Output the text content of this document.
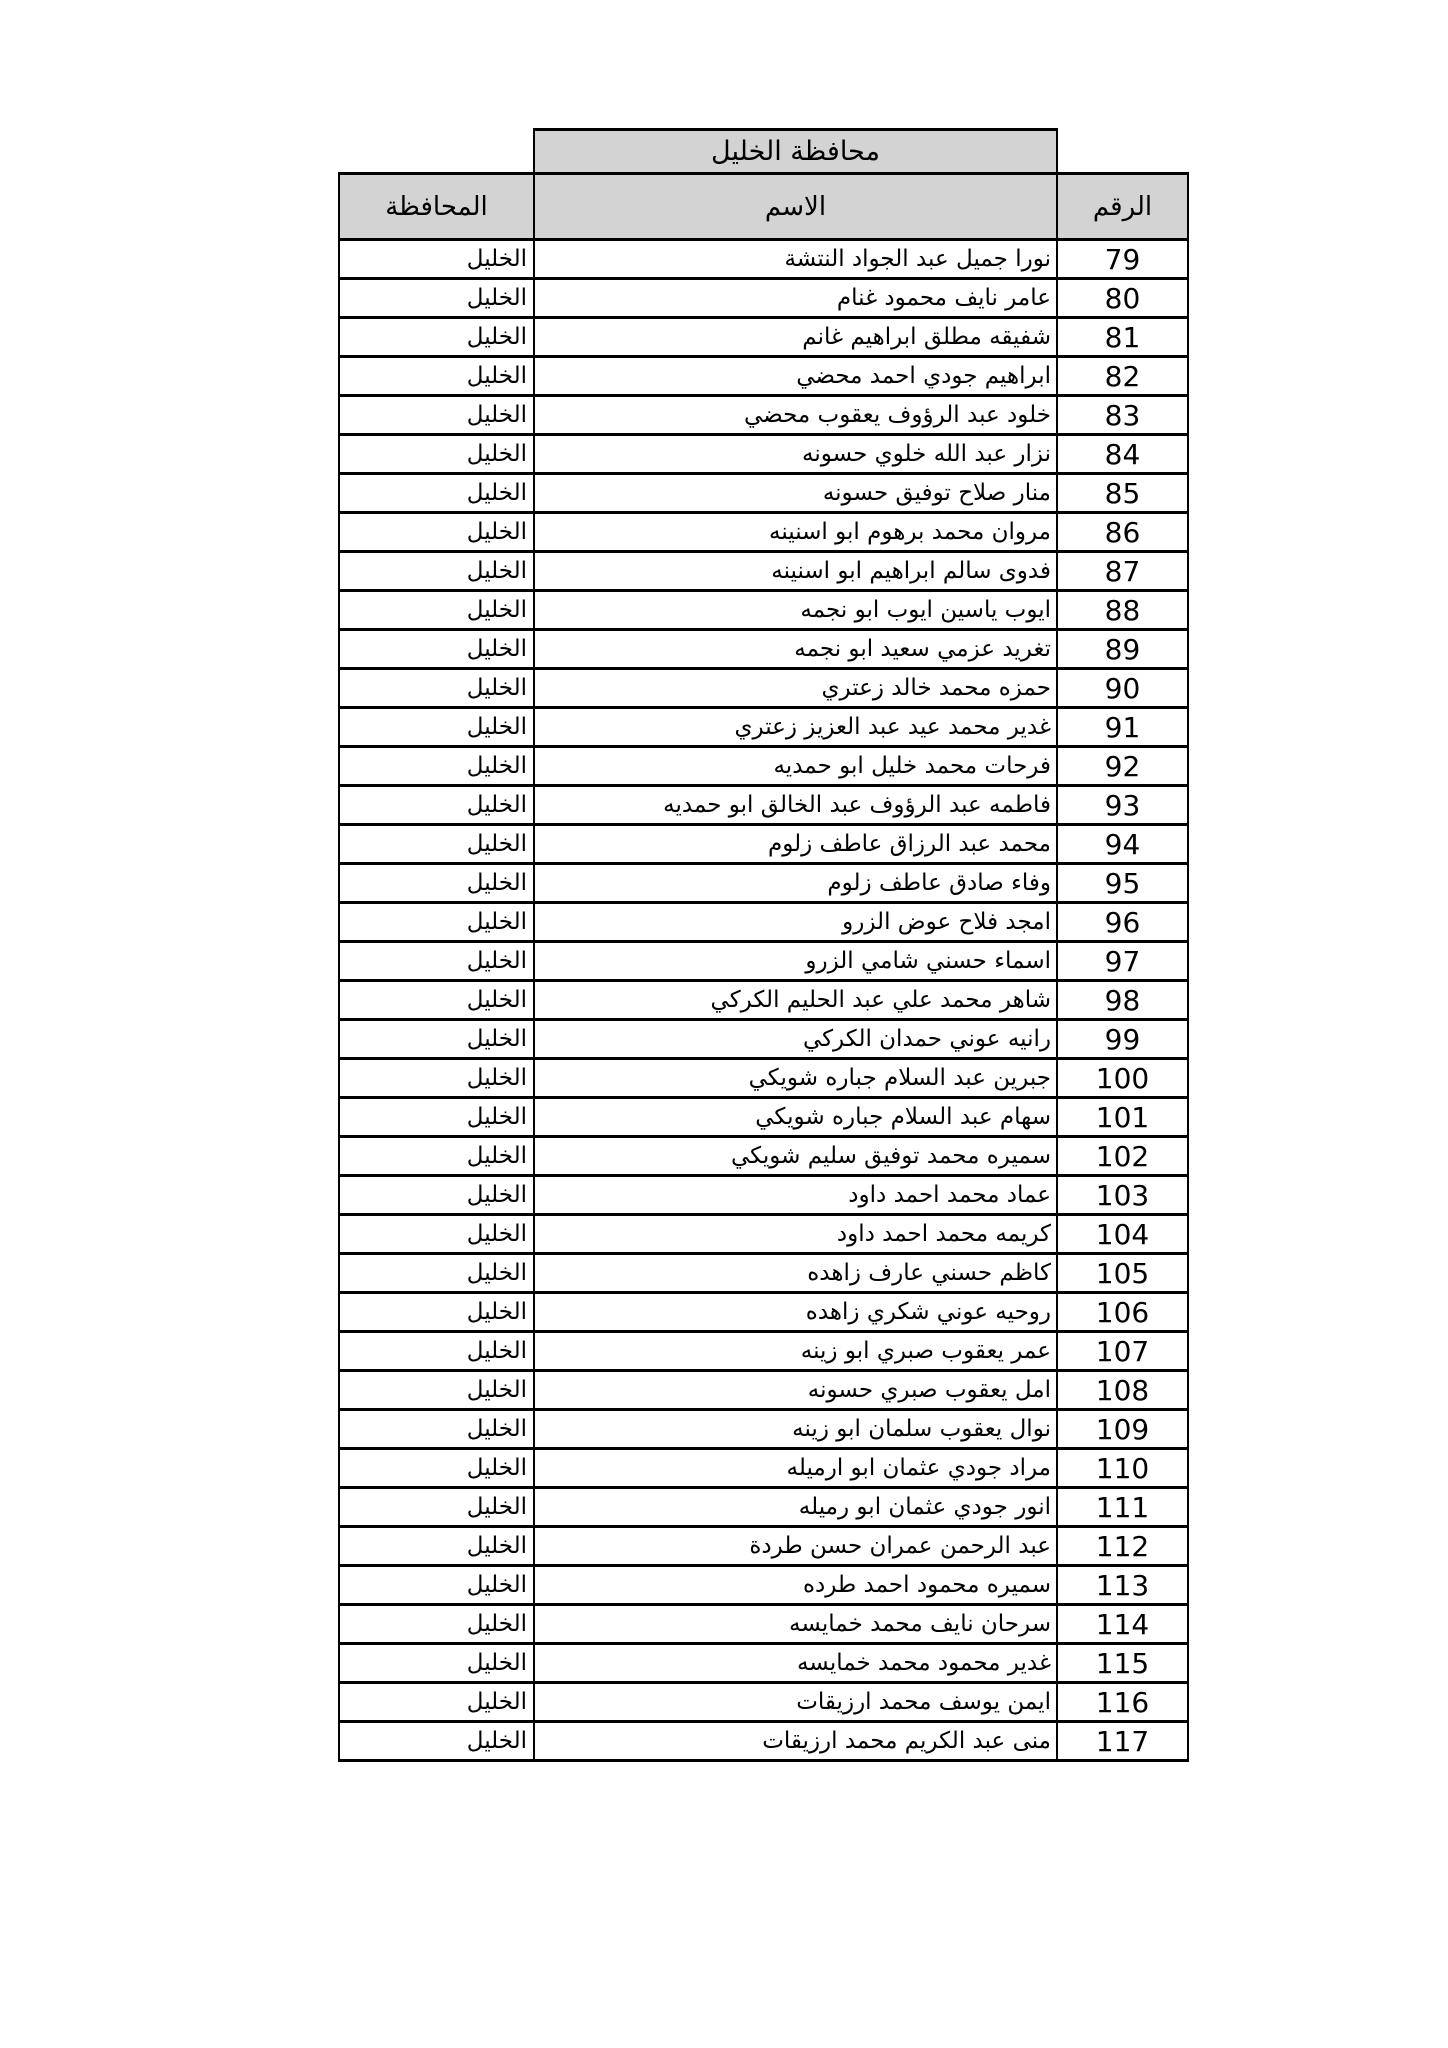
	محافظة الخليل	
الرقم	الاسم	المحافظة
79	نورا جميل عبد الجواد النتشة	الخليل
80	عامر نايف محمود غنام	الخليل
81	شفيقه مطلق ابراهيم غانم	الخليل
82	ابراهيم جودي احمد محضي	الخليل
83	خلود عبد الرؤوف يعقوب محضي	الخليل
84	نزار عبد الله خلوي حسونه	الخليل
85	منار صلاح توفيق حسونه	الخليل
86	مروان محمد برهوم ابو اسنينه	الخليل
87	فدوى سالم ابراهيم ابو اسنينه	الخليل
88	ايوب ياسين ايوب ابو نجمه	الخليل
89	تغريد عزمي سعيد ابو نجمه	الخليل
90	حمزه محمد خالد زعتري	الخليل
91	غدير محمد عيد عبد العزيز زعتري	الخليل
92	فرحات محمد خليل ابو حمديه	الخليل
93	فاطمه عبد الرؤوف عبد الخالق ابو حمديه	الخليل
94	محمد عبد الرزاق عاطف زلوم	الخليل
95	وفاء صادق عاطف زلوم	الخليل
96	امجد فلاح عوض الزرو	الخليل
97	اسماء حسني شامي الزرو	الخليل
98	شاهر محمد علي عبد الحليم الكركي	الخليل
99	رانيه عوني حمدان الكركي	الخليل
100	جبرين عبد السلام جباره شويكي	الخليل
101	سهام عبد السلام جباره شويكي	الخليل
102	سميره محمد توفيق سليم شويكي	الخليل
103	عماد محمد احمد داود	الخليل
104	كريمه محمد احمد داود	الخليل
105	كاظم حسني عارف زاهده	الخليل
106	روحيه عوني شكري زاهده	الخليل
107	عمر يعقوب صبري ابو زينه	الخليل
108	امل يعقوب صبري حسونه	الخليل
109	نوال يعقوب سلمان ابو زينه	الخليل
110	مراد جودي عثمان ابو ارميله	الخليل
111	انور جودي عثمان ابو رميله	الخليل
112	عبد الرحمن عمران حسن طردة	الخليل
113	سميره محمود احمد طرده	الخليل
114	سرحان نايف محمد خمايسه	الخليل
115	غدير محمود محمد خمايسه	الخليل
116	ايمن يوسف محمد ارزيقات	الخليل
117	منى عبد الكريم محمد ارزيقات	الخليل
